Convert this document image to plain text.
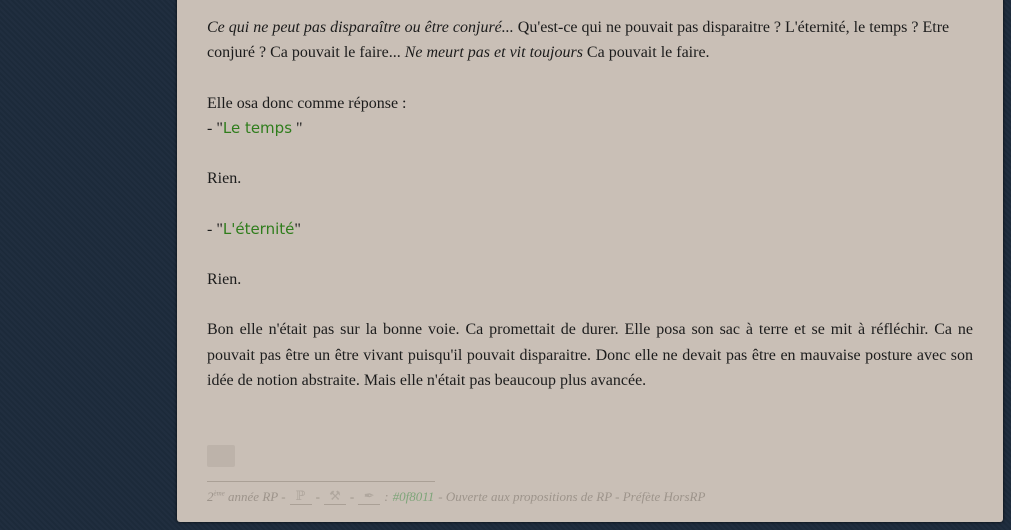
Ce qui ne peut pas disparaître ou être conjuré... Qu'est-ce qui ne pouvait pas disparaitre ? L'éternité, le temps ? Etre conjuré ? Ca pouvait le faire... Ne meurt pas et vit toujours Ca pouvait le faire.

Elle osa donc comme réponse :

- "Le temps "

Rien.

- "L'éternité"

Rien.

Bon elle n'était pas sur la bonne voie. Ca promettait de durer. Elle posa son sac à terre et se mit à réfléchir. Ca ne pouvait pas être un être vivant puisqu'il pouvait disparaitre. Donc elle ne devait pas être en mauvaise posture avec son idée de notion abstraite. Mais elle n'était pas beaucoup plus avancée.

2ème année RP - ℙ - ⚒ - ✒ : #0f8011 - Ouverte aux propositions de RP - Préfète HorsRP
